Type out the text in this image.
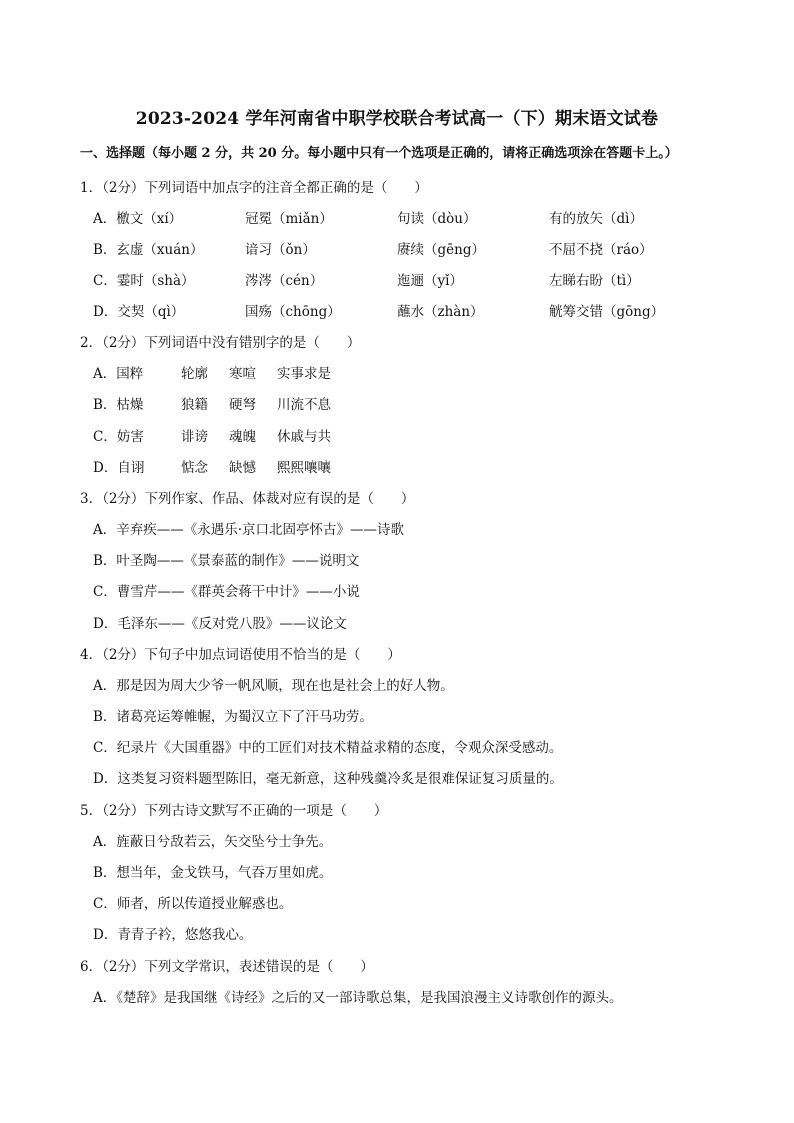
2023-2024 学年河南省中职学校联合考试高一（下）期末语文试卷
一、选择题（每小题 2 分，共 20 分。每小题中只有一个选项是正确的，请将正确选项涂在答题卡上。）
1．（2分）下列词语中加点字的注音全都正确的是（　　）
A．檄文（xí）	冠冕（miǎn）	句读（dòu）	有的放矢（dì）
B．玄虚（xuán）	谙习（ǒn）	赓续（gēng）	不屈不挠（ráo）
C．霎时（shà）	涔涔（cén）	迤逦（yǐ）	左睇右盼（tì）
D．交契（qì）	国殇（chōng）	蘸水（zhàn）	觥筹交错（gōng）
2．（2分）下列词语中没有错别字的是（　　）
A．国粹	轮廓 寒喧 实事求是
B．枯燥	狼籍 硬弩 川流不息
C．妨害	诽谤 魂魄 休戚与共
D．自诩	惦念 缺憾 熙熙嚷嚷
3．（2分）下列作家、作品、体裁对应有误的是（　　）
A．辛弃疾——《永遇乐·京口北固亭怀古》——诗歌
B．叶圣陶——《景泰蓝的制作》——说明文
C．曹雪芹——《群英会蒋干中计》——小说
D．毛泽东——《反对党八股》——议论文
4．（2分）下句子中加点词语使用不恰当的是（　　）
A．那是因为周大少爷一帆风顺，现在也是社会上的好人物。
B．诸葛亮运筹帷幄，为蜀汉立下了汗马功劳。
C．纪录片《大国重器》中的工匠们对技术精益求精的态度，令观众深受感动。
D．这类复习资料题型陈旧，毫无新意，这种残羹冷炙是很难保证复习质量的。
5．（2分）下列古诗文默写不正确的一项是（　　）
A．旌蔽日兮敌若云，矢交坠兮士争先。
B．想当年，金戈铁马，气吞万里如虎。
C．师者，所以传道授业解惑也。
D．青青子衿，悠悠我心。
6．（2分）下列文学常识，表述错误的是（　　）
A．《楚辞》是我国继《诗经》之后的又一部诗歌总集，是我国浪漫主义诗歌创作的源头。
